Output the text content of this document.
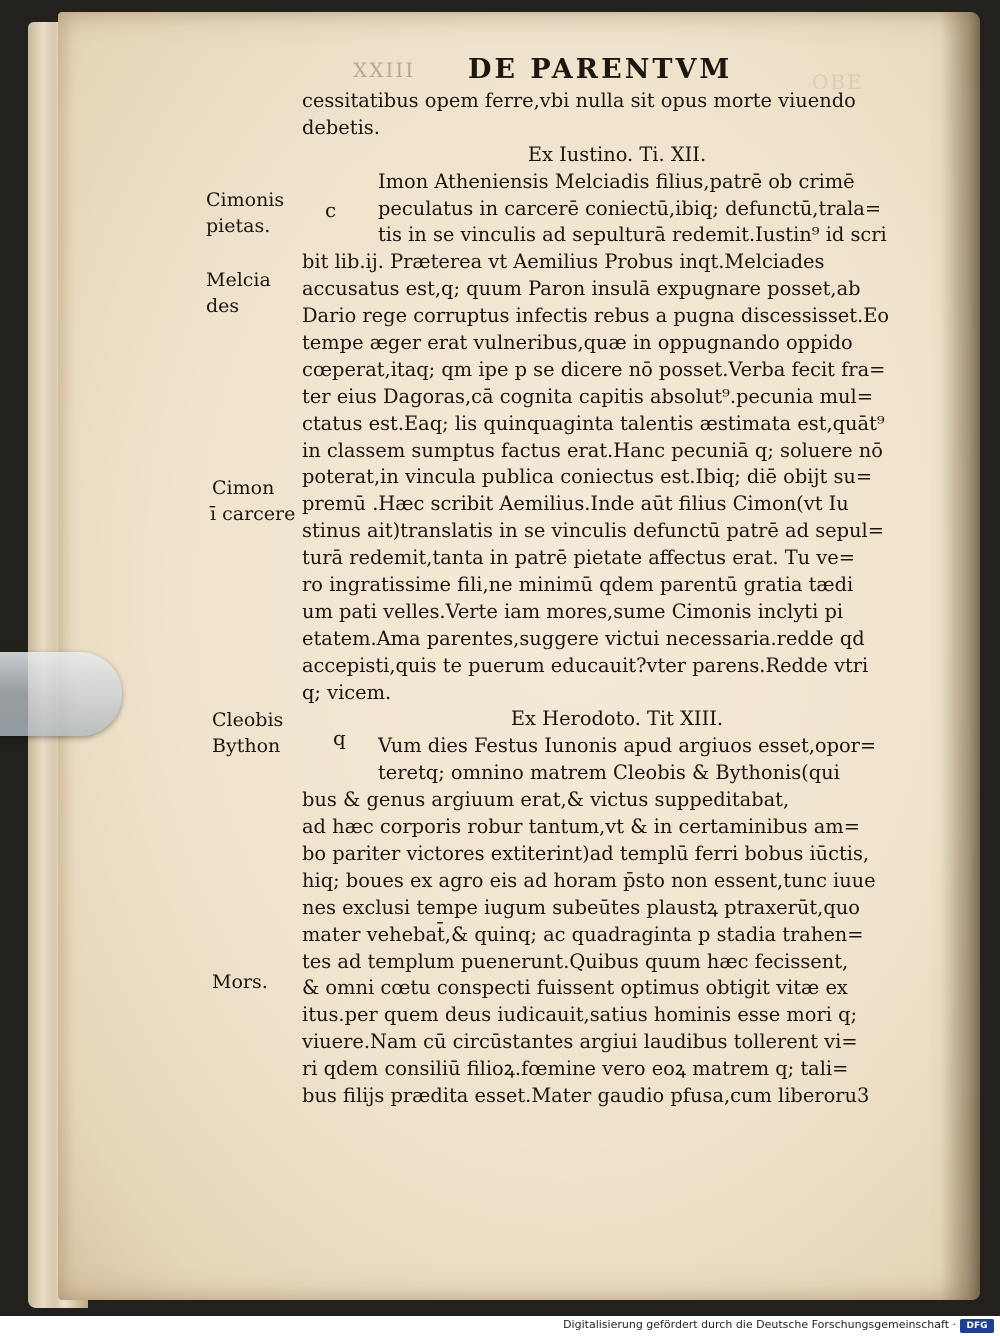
XXIII DE PARENTVM	OBE
cessitatibus opem ferre,vbi nulla sit opus morte viuendo
debetis.
Ex Iustino. Ti. XII.
Imon Atheniensis Melciadis filius,patrē ob crimē
peculatus in carcerē coniectū,ibiq; defunctū,trala=
tis in se vinculis ad sepulturā redemit.Iustin⁹ id scri
bit lib.ij. Præterea vt Aemilius Probus inqt.Melciades
accusatus est,q; quum Paron insulā expugnare posset,ab
Dario rege corruptus infectis rebus a pugna discessisset.Eo
tempe æger erat vulneribus,quæ in oppugnando oppido
cœperat,itaq; qm ipe p se dicere nō posset.Verba fecit fra=
ter eius Dagoras,cā cognita capitis absolut⁹.pecunia mul=
ctatus est.Eaq; lis quinquaginta talentis æstimata est,quāt⁹
in classem sumptus factus erat.Hanc pecuniā q; soluere nō
poterat,in vincula publica coniectus est.Ibiq; diē obijt su=
premū .Hæc scribit Aemilius.Inde aūt filius Cimon(vt Iu
stinus ait)translatis in se vinculis defunctū patrē ad sepul=
turā redemit,tanta in patrē pietate affectus erat. Tu ve=
ro ingratissime fili,ne minimū qdem parentū gratia tædi
um pati velles.Verte iam mores,sume Cimonis inclyti pi
etatem.Ama parentes,suggere victui necessaria.redde qd
accepisti,quis te puerum educauit?vter parens.Redde vtri
q; vicem.
Ex Herodoto. Tit XIII.
Vum dies Festus Iunonis apud argiuos esset,opor=
teretq; omnino matrem Cleobis & Bythonis(qui
bus & genus argiuum erat,& victus suppeditabat,
ad hæc corporis robur tantum,vt & in certaminibus am=
bo pariter victores extiterint)ad templū ferri bobus iūctis,
hiq; boues ex agro eis ad horam p̄sto non essent,tunc iuue
nes exclusi tempe iugum subeūtes plaustꝝ ptraxerūt,quo
mater vehebat̄,& quinq; ac quadraginta p stadia trahen=
tes ad templum puenerunt.Quibus quum hæc fecissent,
& omni cœtu conspecti fuissent optimus obtigit vitæ ex
itus.per quem deus iudicauit,satius hominis esse mori q;
viuere.Nam cū circūstantes argiui laudibus tollerent vi=
ri qdem consiliū filioꝝ.fœmine vero eoꝝ matrem q; tali=
bus filijs prædita esset.Mater gaudio pfusa,cum liberoru3
c
q
Cimonis
pietas.
Melcia
des
Cimon
ī carcere
Cleobis
Bython
Mors.
Digitalisierung gefördert durch die Deutsche Forschungsgemeinschaft ·	DFG
